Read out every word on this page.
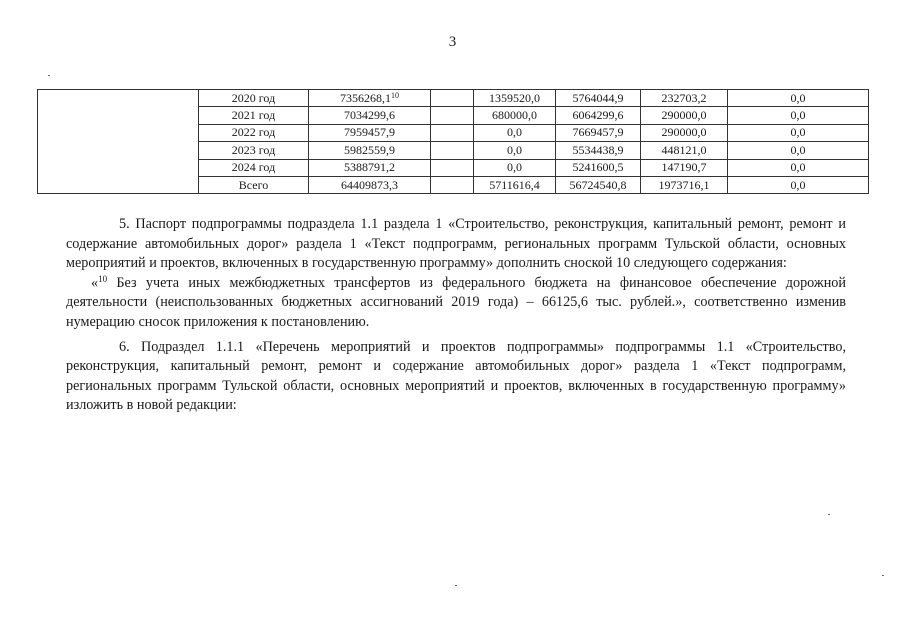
3
	2020 год	7356268,1$^{10}$		1359520,0	5764044,9	232703,2	0,0
	2021 год	7034299,6		680000,0	6064299,6	290000,0	0,0
	2022 год	7959457,9		0,0	7669457,9	290000,0	0,0
	2023 год	5982559,9		0,0	5534438,9	448121,0	0,0
	2024 год	5388791,2		0,0	5241600,5	147190,7	0,0
	Всего	64409873,3		5711616,4	56724540,8	1973716,1	0,0

5. Паспорт подпрограммы подраздела 1.1 раздела 1 «Строительство, реконструкция, капитальный ремонт, ремонт и содержание автомобильных дорог» раздела 1 «Текст подпрограмм, региональных программ Тульской области, основных мероприятий и проектов, включенных в государственную программу» дополнить сноской 10 следующего содержания:

«$^{10}$ Без учета иных межбюджетных трансфертов из федерального бюджета на финансовое обеспечение дорожной деятельности (неиспользованных бюджетных ассигнований 2019 года) – 66125,6 тыс. рублей.», соответственно изменив нумерацию сносок приложения к постановлению.

6. Подраздел 1.1.1 «Перечень мероприятий и проектов подпрограммы» подпрограммы 1.1 «Строительство, реконструкция, капитальный ремонт, ремонт и содержание автомобильных дорог» раздела 1 «Текст подпрограмм, региональных программ Тульской области, основных мероприятий и проектов, включенных в государственную программу» изложить в новой редакции:
